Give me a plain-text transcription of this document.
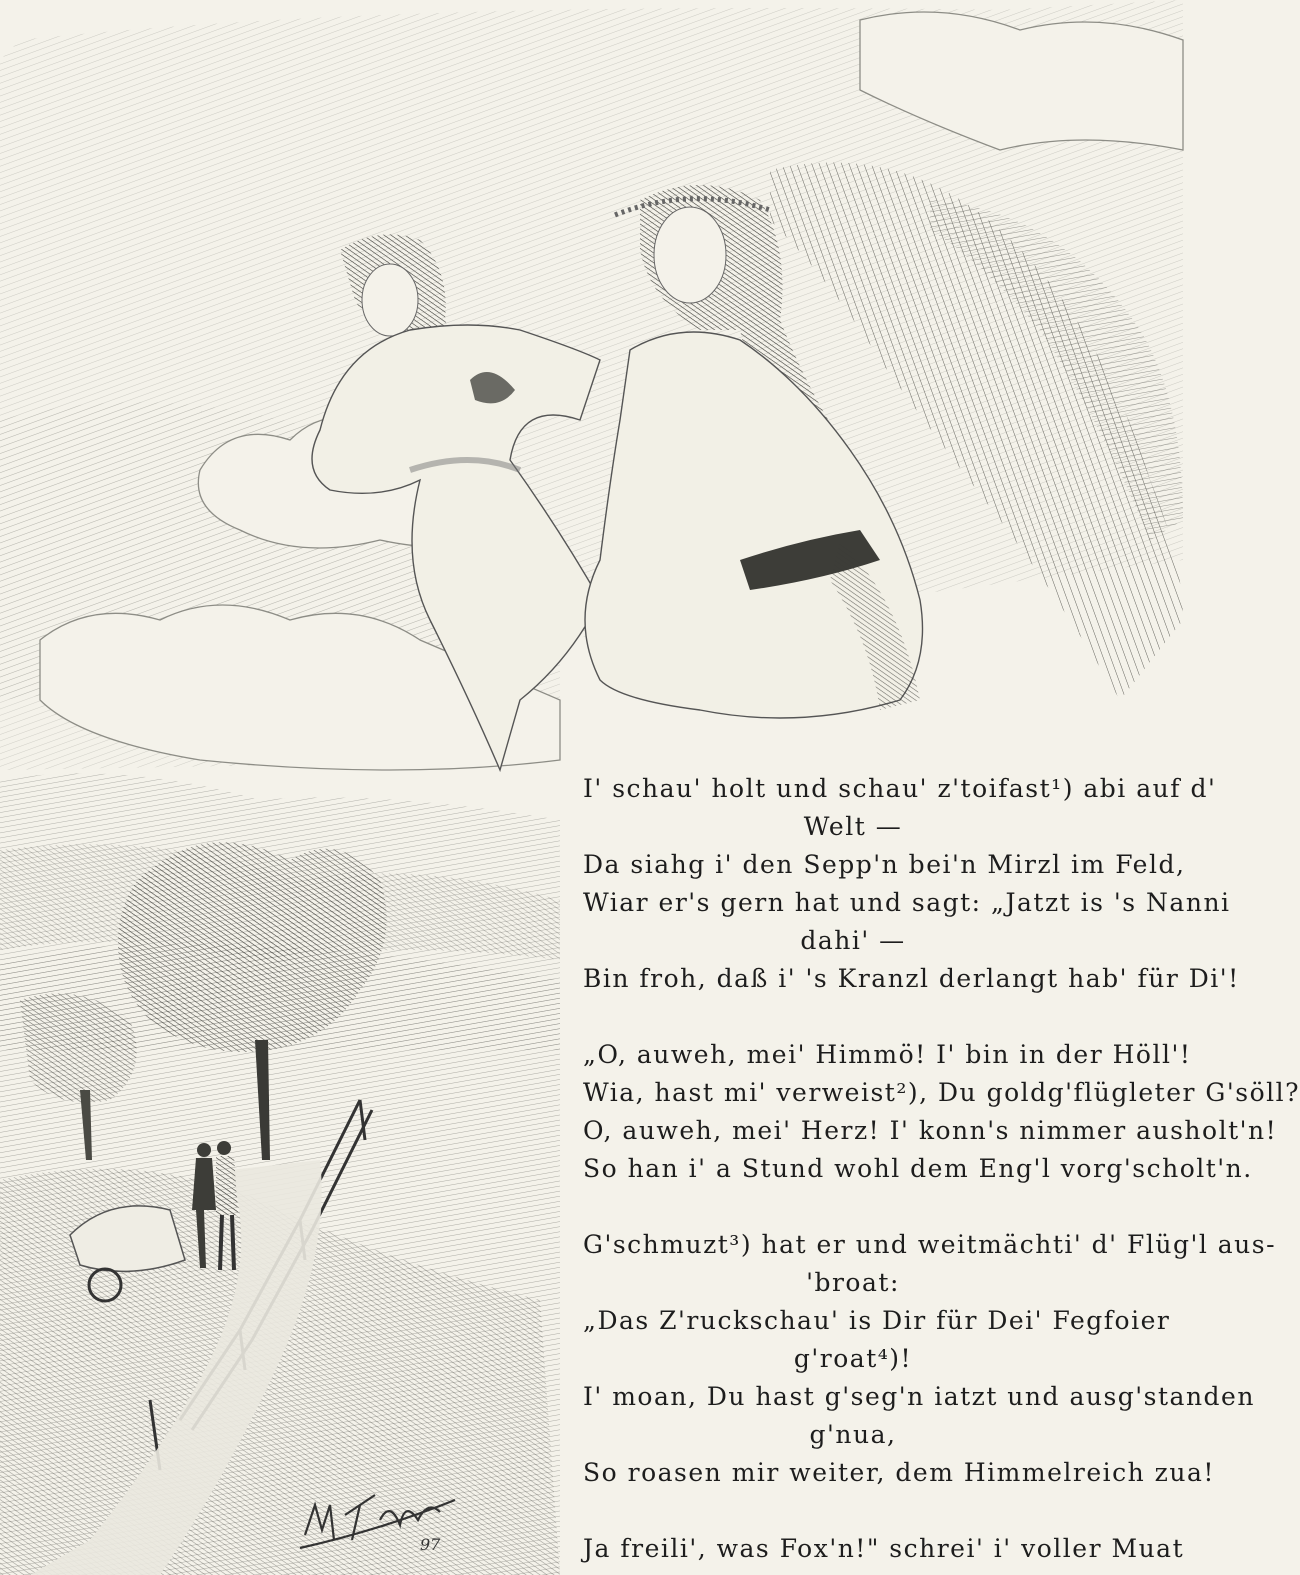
97
I' schau' holt und schau' z'toifast¹) abi auf d'
Welt —
Da siahg i' den Sepp'n bei'n Mirzl im Feld,
Wiar er's gern hat und sagt: „Jatzt is 's Nanni
dahi' —
Bin froh, daß i' 's Kranzl derlangt hab' für Di'!
„O, auweh, mei' Himmö! I' bin in der Höll'!
Wia, hast mi' verweist²), Du goldg'flügleter G'söll?
O, auweh, mei' Herz! I' konn's nimmer ausholt'n!
So han i' a Stund wohl dem Eng'l vorg'scholt'n.
G'schmuzt³) hat er und weitmächti' d' Flüg'l aus-
'broat:
„Das Z'ruckschau' is Dir für Dei' Fegfoier
g'roat⁴)!
I' moan, Du hast g'seg'n iatzt und ausg'standen
g'nua,
So roasen mir weiter, dem Himmelreich zua!
Ja freili', was Fox'n!" schrei' i' voller Muat
